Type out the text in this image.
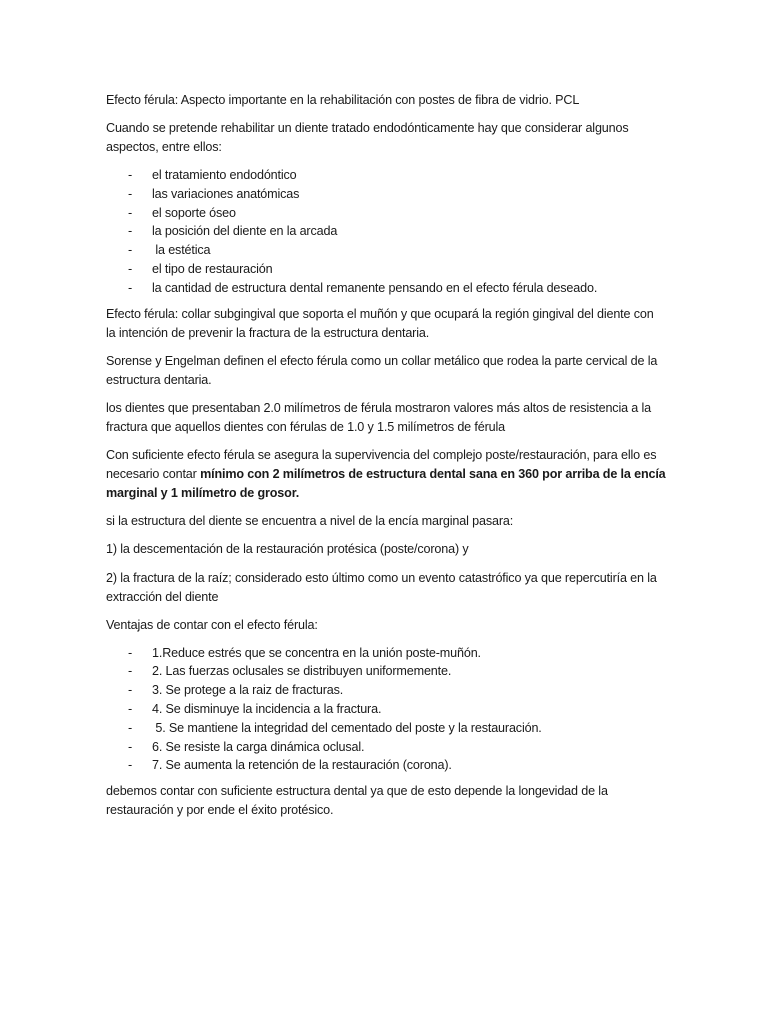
Efecto férula: Aspecto importante en la rehabilitación con postes de fibra de vidrio. PCL

Cuando se pretende rehabilitar un diente tratado endodónticamente hay que considerar algunos aspectos, entre ellos:

- el tratamiento endodóntico
- las variaciones anatómicas
- el soporte óseo
- la posición del diente en la arcada
- la estética
- el tipo de restauración
- la cantidad de estructura dental remanente pensando en el efecto férula deseado.

Efecto férula: collar subgingival que soporta el muñón y que ocupará la región gingival del diente con la intención de prevenir la fractura de la estructura dentaria.

Sorense y Engelman definen el efecto férula como un collar metálico que rodea la parte cervical de la estructura dentaria.

los dientes que presentaban 2.0 milímetros de férula mostraron valores más altos de resistencia a la fractura que aquellos dientes con férulas de 1.0 y 1.5 milímetros de férula

Con suficiente efecto férula se asegura la supervivencia del complejo poste/restauración, para ello es necesario contar mínimo con 2 milímetros de estructura dental sana en 360 por arriba de la encía marginal y 1 milímetro de grosor.

si la estructura del diente se encuentra a nivel de la encía marginal pasara:

1) la descementación de la restauración protésica (poste/corona) y

2) la fractura de la raíz; considerado esto último como un evento catastrófico ya que repercutiría en la extracción del diente

Ventajas de contar con el efecto férula:

- 1.Reduce estrés que se concentra en la unión poste-muñón.
- 2. Las fuerzas oclusales se distribuyen uniformemente.
- 3. Se protege a la raiz de fracturas.
- 4. Se disminuye la incidencia a la fractura.
- 5. Se mantiene la integridad del cementado del poste y la restauración.
- 6. Se resiste la carga dinámica oclusal.
- 7. Se aumenta la retención de la restauración (corona).

debemos contar con suficiente estructura dental ya que de esto depende la longevidad de la restauración y por ende el éxito protésico.
